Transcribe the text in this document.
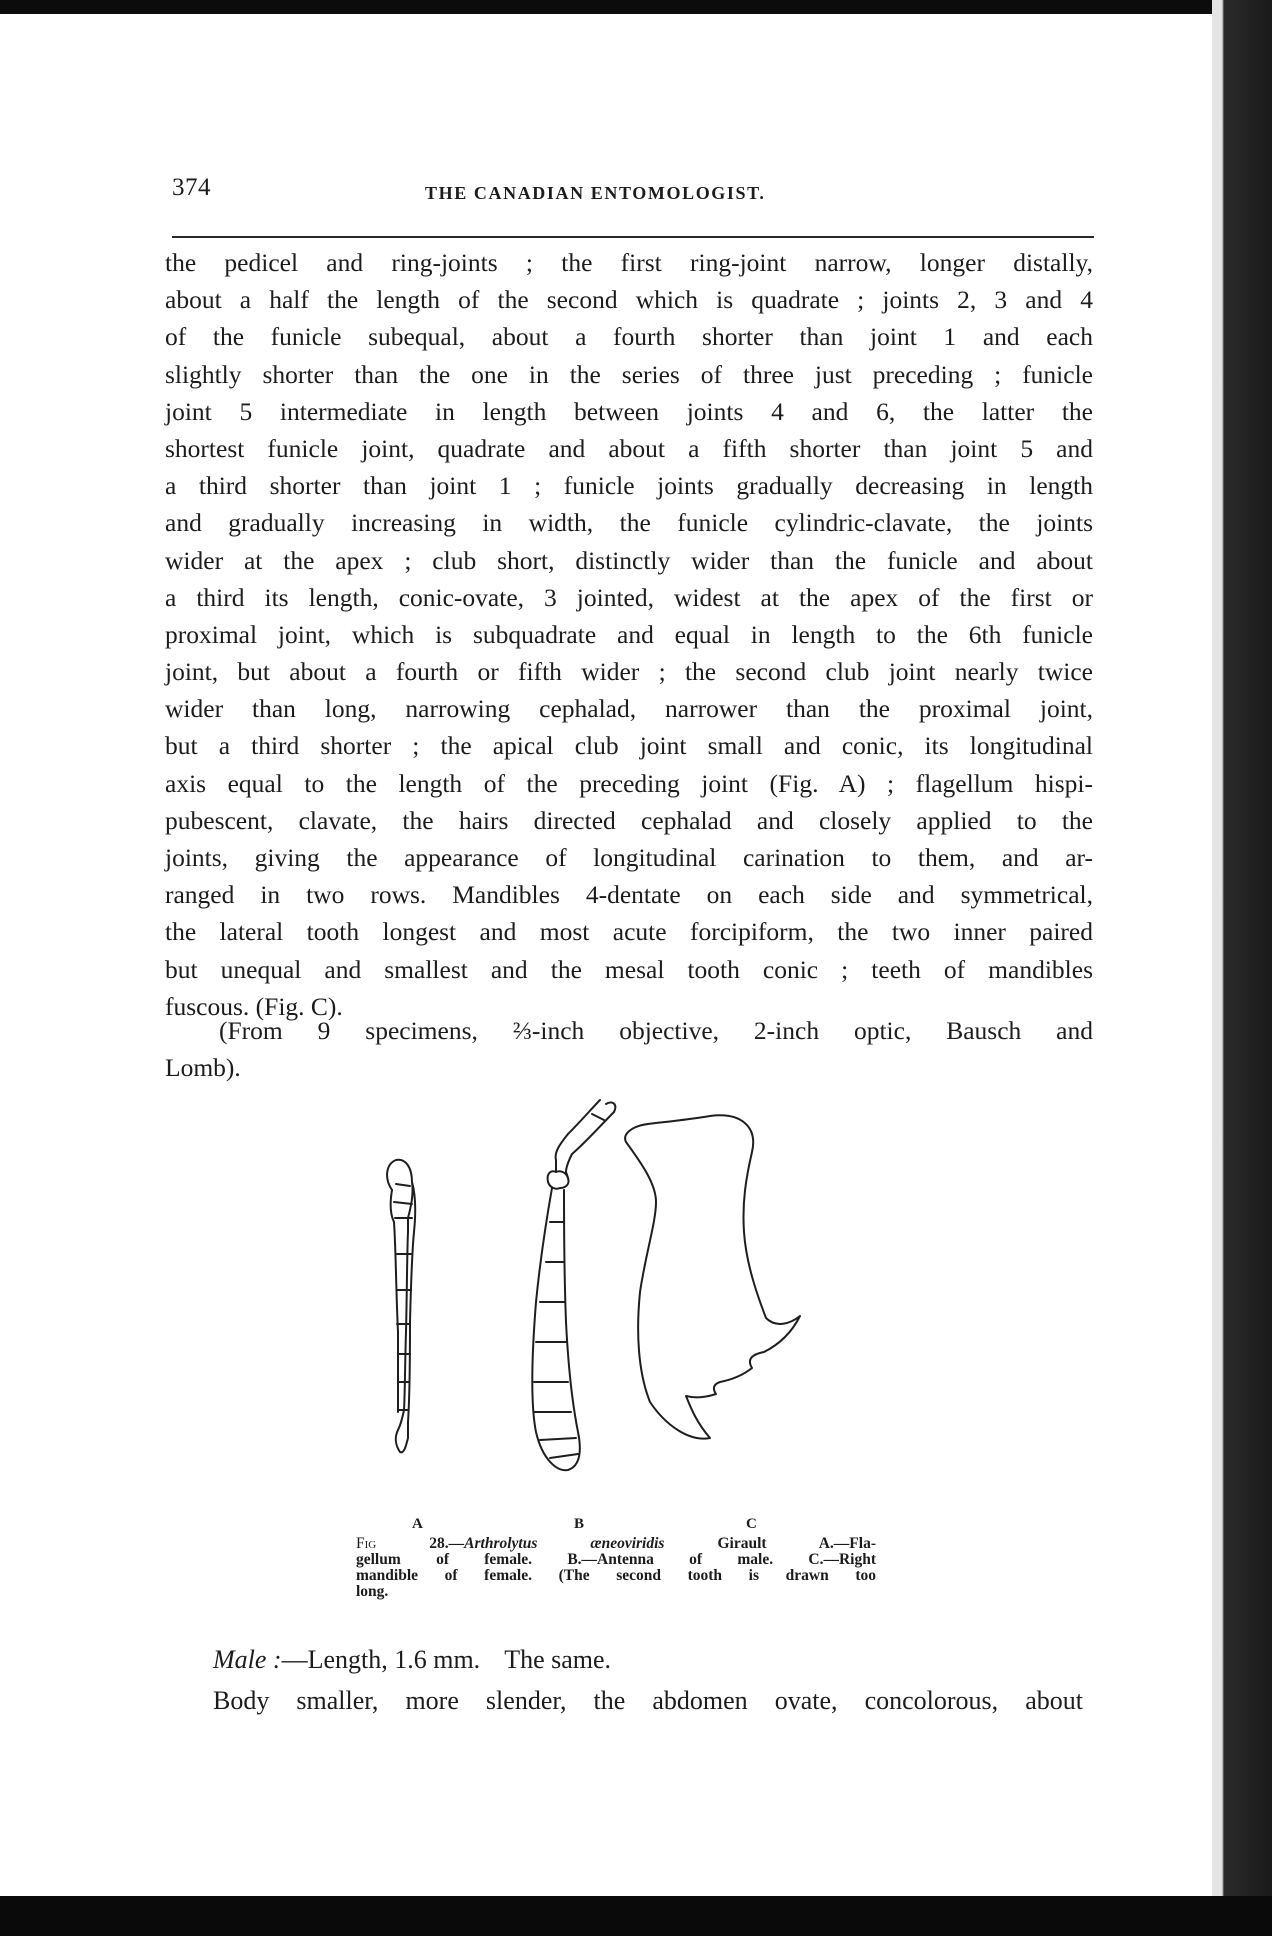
374	THE CANADIAN ENTOMOLOGIST.
the pedicel and ring-joints ; the first ring-joint narrow, longer distally,
about a half the length of the second which is quadrate ; joints 2, 3 and 4
of the funicle subequal, about a fourth shorter than joint 1 and each
slightly shorter than the one in the series of three just preceding ; funicle
joint 5 intermediate in length between joints 4 and 6, the latter the
shortest funicle joint, quadrate and about a fifth shorter than joint 5 and
a third shorter than joint 1 ; funicle joints gradually decreasing in length
and gradually increasing in width, the funicle cylindric-clavate, the joints
wider at the apex ; club short, distinctly wider than the funicle and about
a third its length, conic-ovate, 3 jointed, widest at the apex of the first or
proximal joint, which is subquadrate and equal in length to the 6th funicle
joint, but about a fourth or fifth wider ; the second club joint nearly twice
wider than long, narrowing cephalad, narrower than the proximal joint,
but a third shorter ; the apical club joint small and conic, its longitudinal
axis equal to the length of the preceding joint (Fig. A) ; flagellum hispi-
pubescent, clavate, the hairs directed cephalad and closely applied to the
joints, giving the appearance of longitudinal carination to them, and ar-
ranged in two rows. Mandibles 4-dentate on each side and symmetrical,
the lateral tooth longest and most acute forcipiform, the two inner paired
but unequal and smallest and the mesal tooth conic ; teeth of mandibles
fuscous. (Fig. C).
(From 9 specimens, ⅔-inch objective, 2-inch optic, Bausch and
Lomb).
A	B	C
Fig	28.—Arthrolytus æneoviridis Girault A.—Fla-
gellum of female. B.—Antenna of male. C.—Right
mandible of female. (The second tooth is drawn too
long.
Male :—Length, 1.6 mm. The same.
Body smaller, more slender, the abdomen ovate, concolorous, about
